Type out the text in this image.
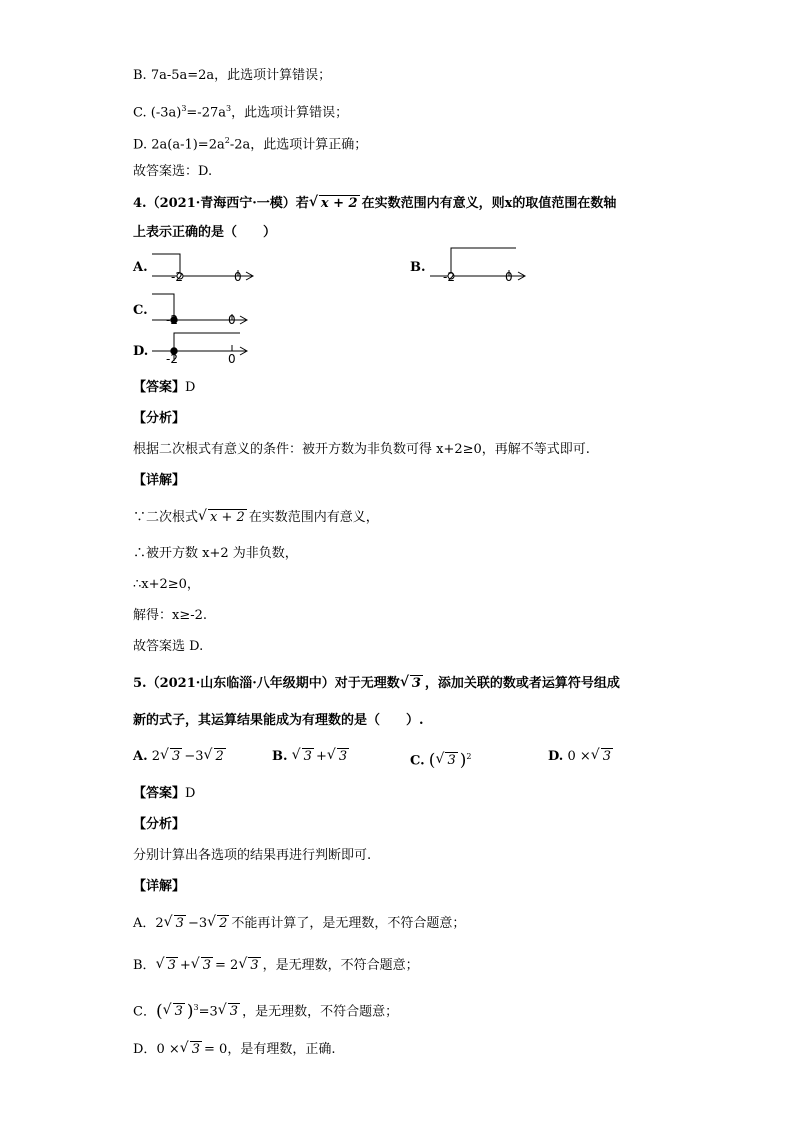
B. 7a-5a=2a，此选项计算错误；
C. $(-3a)^3=-27a^3$，此选项计算错误；
D. $2a(a-1)=2a^2-2a$，此选项计算正确；
故答案选：D.
4.（2021·青海西宁·一模）若 √ x + 2 在实数范围内有意义，则x的取值范围在数轴
上表示正确的是（　　）
A.
-2	0
B.
-2	0
C.
-2	0
D. -2	0
【答案】D
【分析】
根据二次根式有意义的条件：被开方数为非负数可得 x+2≥0，再解不等式即可.
【详解】
∵二次根式 √ x + 2 在实数范围内有意义，
∴被开方数 x+2 为非负数，
∴x+2≥0，
解得：x≥-2.
故答案选 D.
5.（2021·山东临淄·八年级期中）对于无理数 √ 3 ，添加关联的数或者运算符号组成
新的式子，其运算结果能成为有理数的是（　　）.
A. 2 √ 3 −3 √ 2	B. √ 3 + √ 3	C. ( √ 3 )$^2$	D. 0 × √ 3
【答案】D
【分析】
分别计算出各选项的结果再进行判断即可.
【详解】
A．2 √ 3 −3 √ 2 不能再计算了，是无理数，不符合题意；
B． √ 3 + √ 3 = 2 √ 3 ，是无理数，不符合题意；
C．( √ 3 )$^3$=3 √ 3 ，是无理数，不符合题意；
D．0 × √ 3 = 0，是有理数，正确.
